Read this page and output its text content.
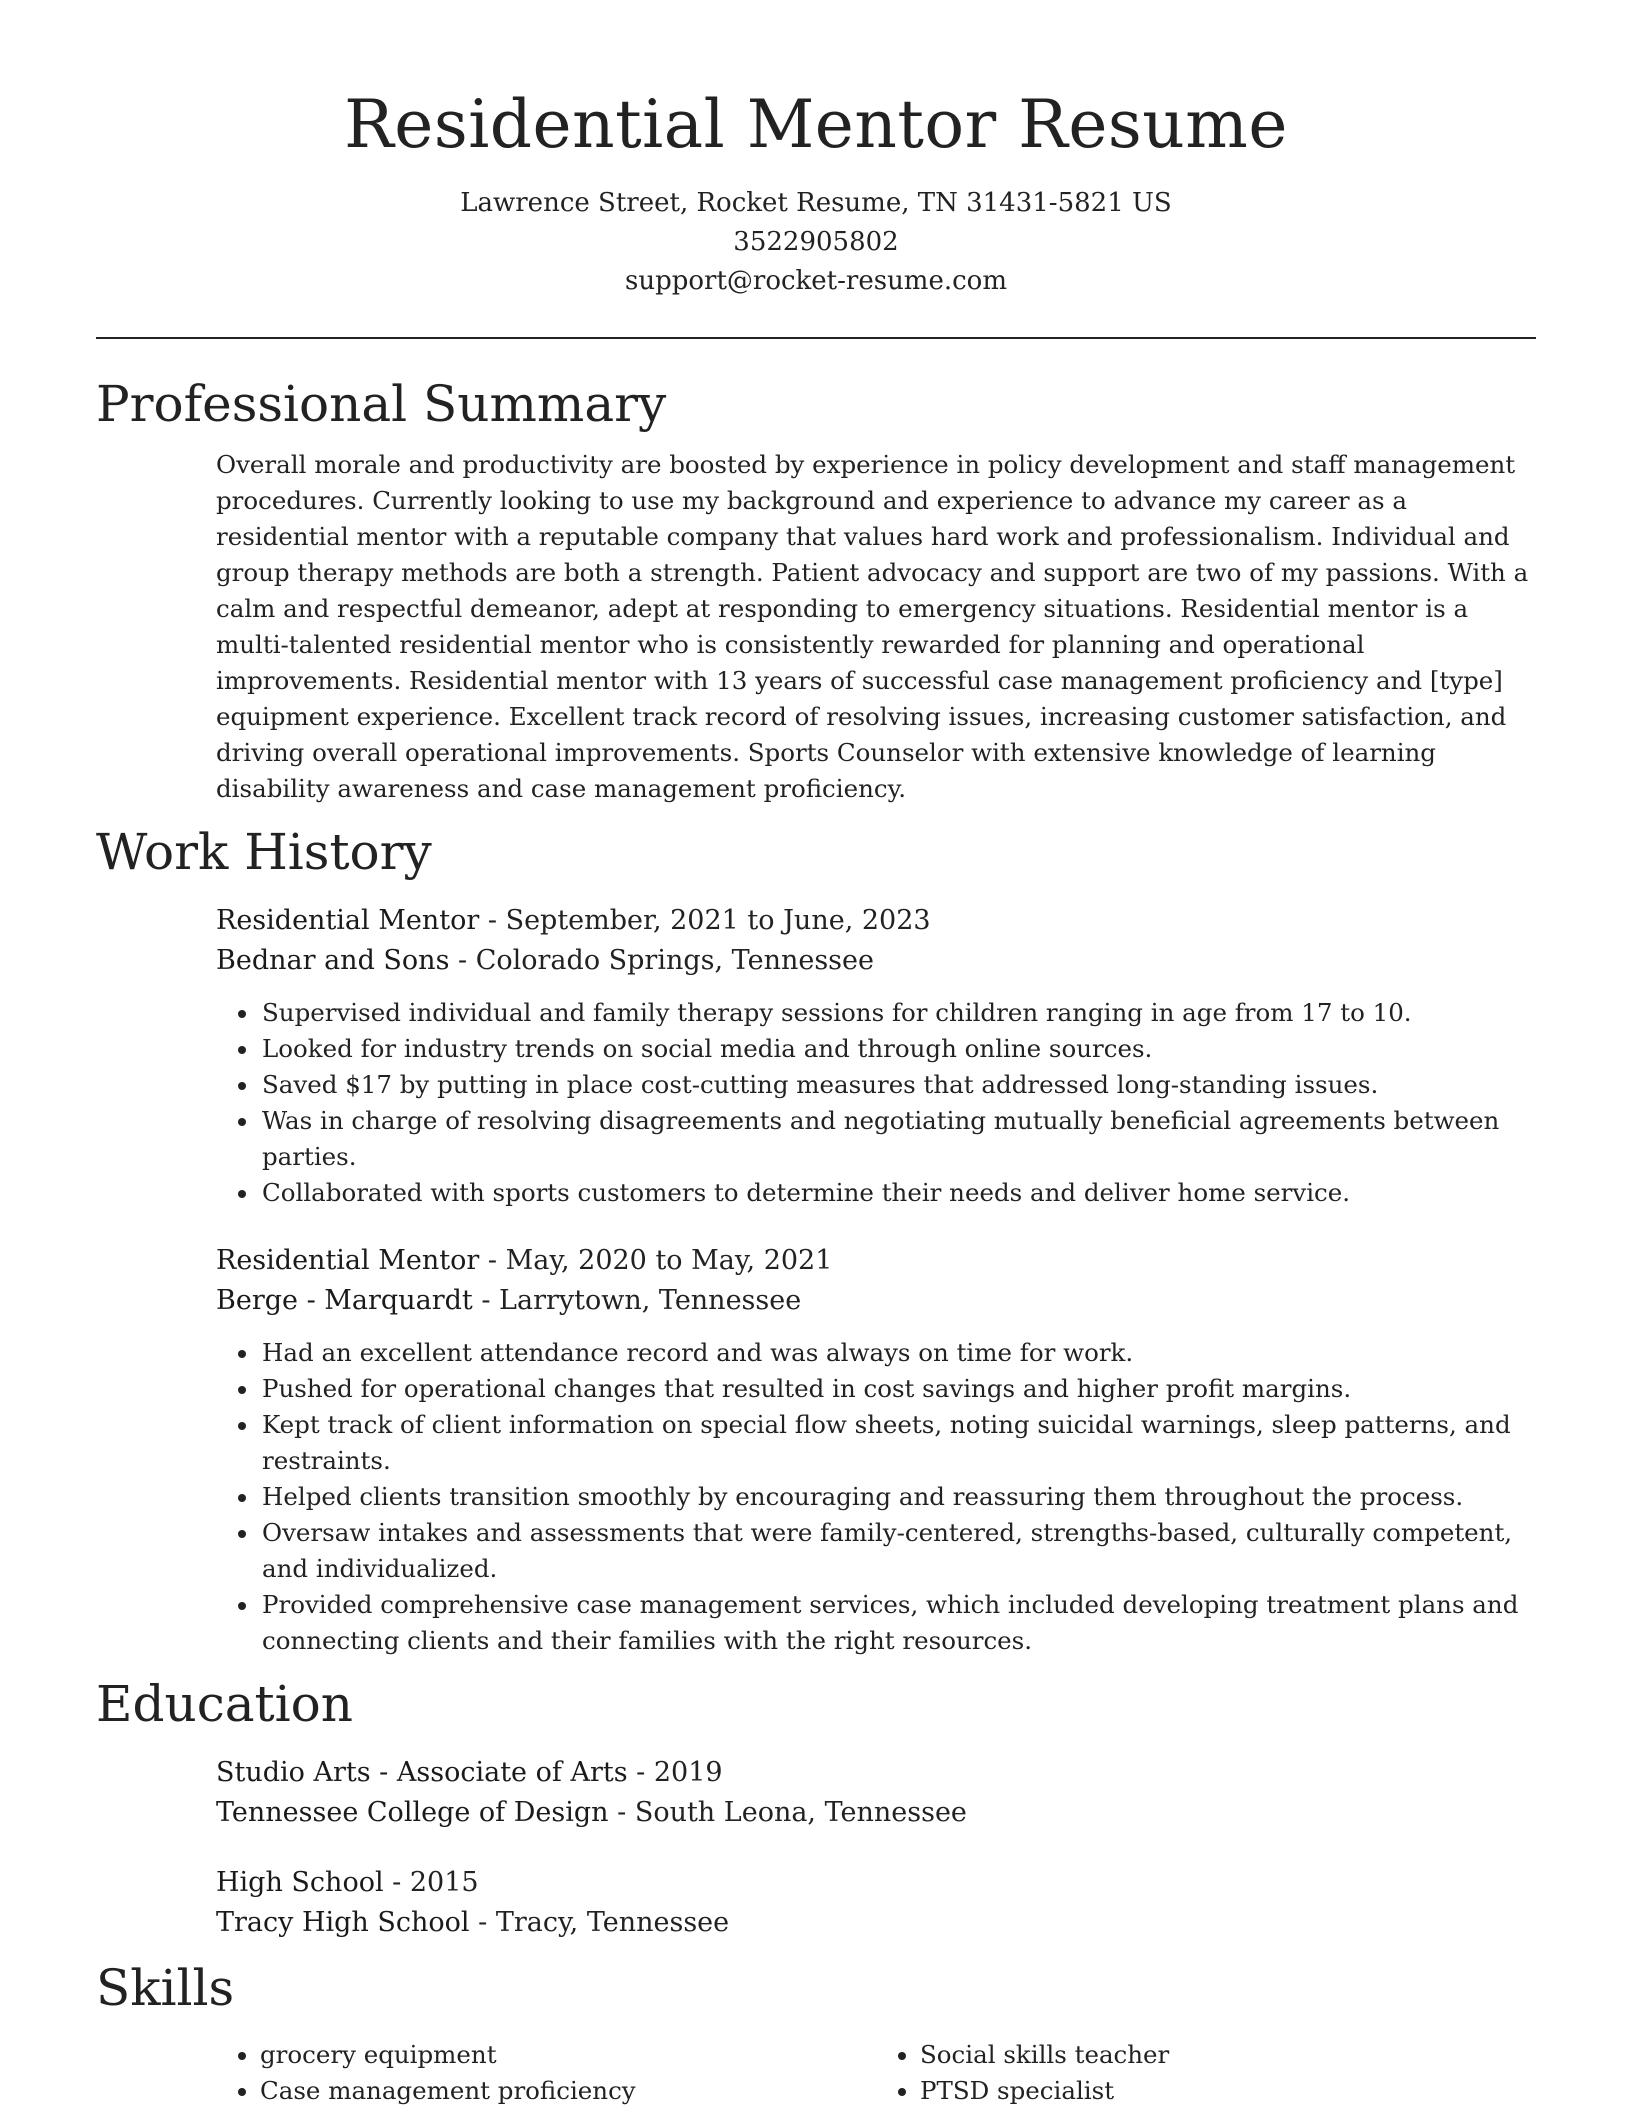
Residential Mentor Resume

Lawrence Street, Rocket Resume, TN 31431-5821 US

3522905802

support@rocket-resume.com

Professional Summary

Overall morale and productivity are boosted by experience in policy development and staff management procedures. Currently looking to use my background and experience to advance my career as a residential mentor with a reputable company that values hard work and professionalism. Individual and group therapy methods are both a strength. Patient advocacy and support are two of my passions. With a calm and respectful demeanor, adept at responding to emergency situations. Residential mentor is a multi-talented residential mentor who is consistently rewarded for planning and operational improvements. Residential mentor with 13 years of successful case management proficiency and [type] equipment experience. Excellent track record of resolving issues, increasing customer satisfaction, and driving overall operational improvements. Sports Counselor with extensive knowledge of learning disability awareness and case management proficiency.

Work History

Residential Mentor - September, 2021 to June, 2023

Bednar and Sons - Colorado Springs, Tennessee

• Supervised individual and family therapy sessions for children ranging in age from 17 to 10.
• Looked for industry trends on social media and through online sources.
• Saved $17 by putting in place cost-cutting measures that addressed long-standing issues.
• Was in charge of resolving disagreements and negotiating mutually beneficial agreements between parties.
• Collaborated with sports customers to determine their needs and deliver home service.

Residential Mentor - May, 2020 to May, 2021

Berge - Marquardt - Larrytown, Tennessee

• Had an excellent attendance record and was always on time for work.
• Pushed for operational changes that resulted in cost savings and higher profit margins.
• Kept track of client information on special flow sheets, noting suicidal warnings, sleep patterns, and restraints.
• Helped clients transition smoothly by encouraging and reassuring them throughout the process.
• Oversaw intakes and assessments that were family-centered, strengths-based, culturally competent, and individualized.
• Provided comprehensive case management services, which included developing treatment plans and connecting clients and their families with the right resources.
Education

Studio Arts - Associate of Arts - 2019

Tennessee College of Design - South Leona, Tennessee

High School - 2015

Tracy High School - Tracy, Tennessee

Skills
• grocery equipment
• Case management proficiency
• Social skills teacher
• PTSD specialist
